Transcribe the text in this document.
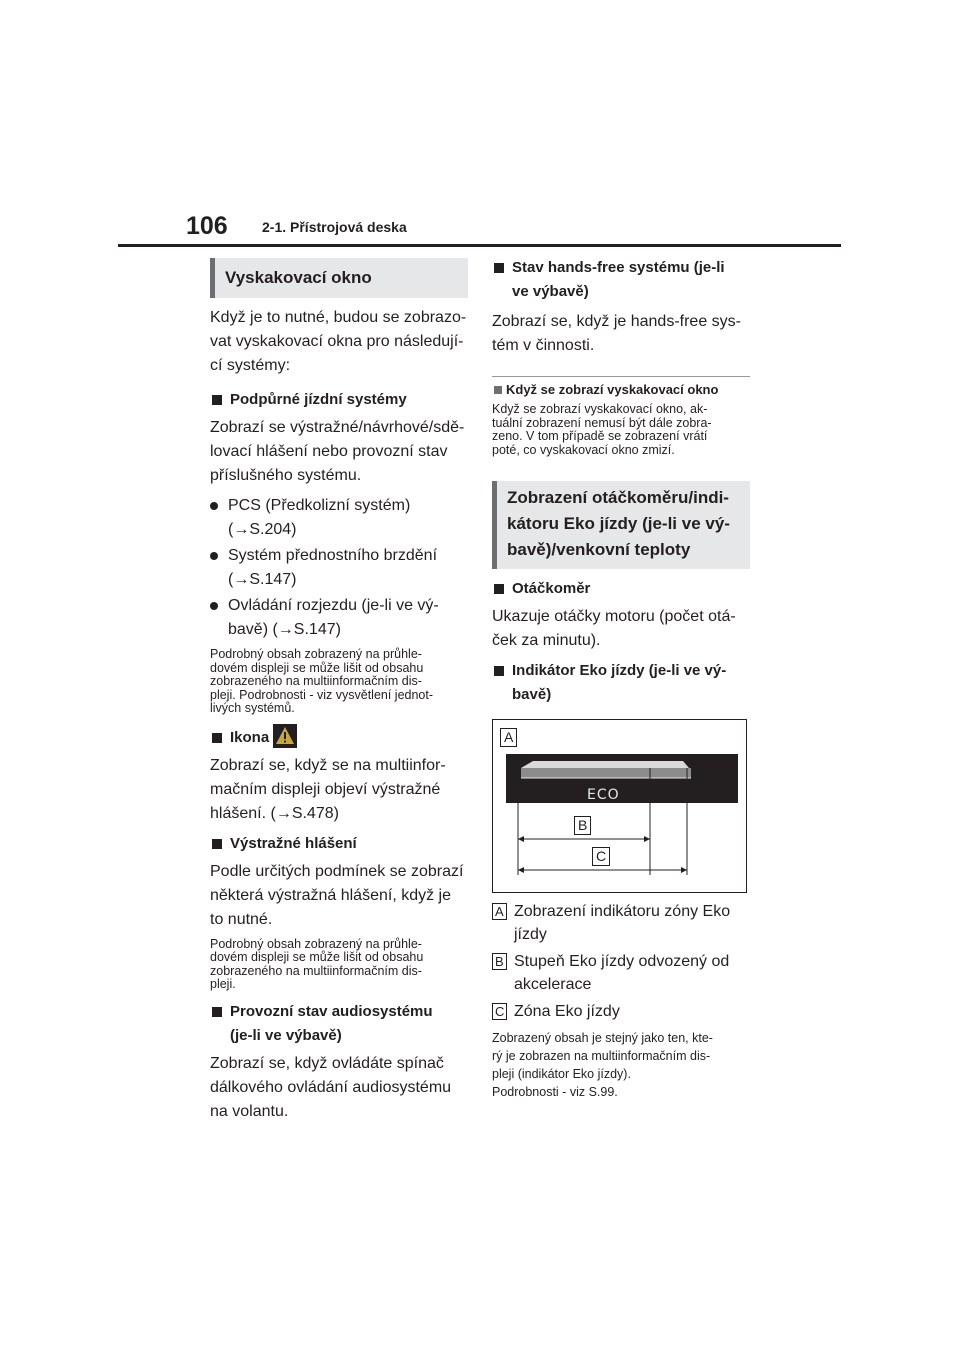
106 2-1. Přístrojová deska
Vyskakovací okno

Když je to nutné, budou se zobrazo-
vat vyskakovací okna pro následují-
cí systémy:

Podpůrné jízdní systémy

Zobrazí se výstražné/návrhové/sdě-
lovací hlášení nebo provozní stav
příslušného systému.

PCS (Předkolizní systém)
(→S.204)

Systém přednostního brzdění
(→S.147)

Ovládání rozjezdu (je-li ve vý-
bavě) (→S.147)

Podrobný obsah zobrazený na průhle-
dovém displeji se může lišit od obsahu
zobrazeného na multiinformačním dis-
pleji. Podrobnosti - viz vysvětlení jednot-
livých systémů.

Ikona

Zobrazí se, když se na multiinfor-
mačním displeji objeví výstražné
hlášení. (→S.478)

Výstražné hlášení

Podle určitých podmínek se zobrazí
některá výstražná hlášení, když je
to nutné.

Podrobný obsah zobrazený na průhle-
dovém displeji se může lišit od obsahu
zobrazeného na multiinformačním dis-
pleji.

Provozní stav audiosystému
(je-li ve výbavě)

Zobrazí se, když ovládáte spínač
dálkového ovládání audiosystému
na volantu.

Stav hands-free systému (je-li
ve výbavě)

Zobrazí se, když je hands-free sys-
tém v činnosti.

Když se zobrazí vyskakovací okno

Když se zobrazí vyskakovací okno, ak-
tuální zobrazení nemusí být dále zobra-
zeno. V tom případě se zobrazení vrátí
poté, co vyskakovací okno zmizí.

Zobrazení otáčkoměru/indi-
kátoru Eko jízdy (je-li ve vý-
bavě)/venkovní teploty

Otáčkoměr

Ukazuje otáčky motoru (počet otá-
ček za minutu).

Indikátor Eko jízdy (je-li ve vý-
bavě)

A
ECO
B
C

A Zobrazení indikátoru zóny Eko
jízdy

B Stupeň Eko jízdy odvozený od
akcelerace

C Zóna Eko jízdy

Zobrazený obsah je stejný jako ten, kte-
rý je zobrazen na multiinformačním dis-
pleji (indikátor Eko jízdy).
Podrobnosti - viz S.99.
